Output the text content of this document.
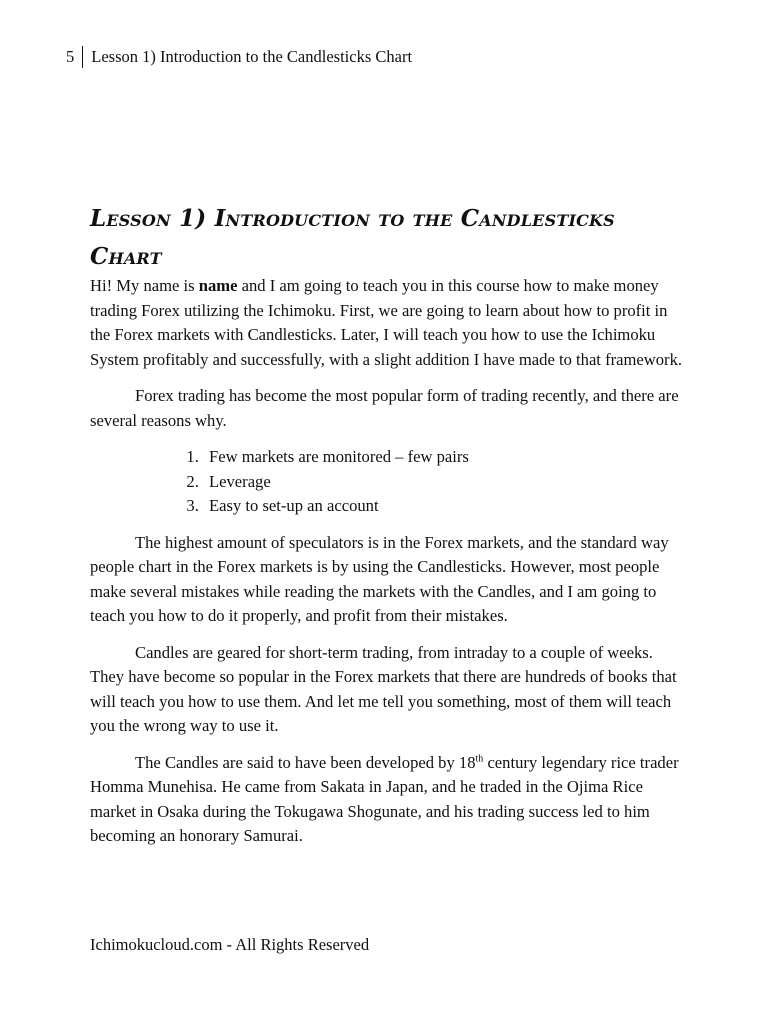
5 Lesson 1) Introduction to the Candlesticks Chart
Lesson 1) Introduction to the Candlesticks Chart

Hi! My name is name and I am going to teach you in this course how to make money trading Forex utilizing the Ichimoku. First, we are going to learn about how to profit in the Forex markets with Candlesticks. Later, I will teach you how to use the Ichimoku System profitably and successfully, with a slight addition I have made to that framework.

Forex trading has become the most popular form of trading recently, and there are several reasons why.

1. Few markets are monitored – few pairs
2. Leverage
3. Easy to set-up an account

The highest amount of speculators is in the Forex markets, and the standard way people chart in the Forex markets is by using the Candlesticks. However, most people make several mistakes while reading the markets with the Candles, and I am going to teach you how to do it properly, and profit from their mistakes.

Candles are geared for short-term trading, from intraday to a couple of weeks. They have become so popular in the Forex markets that there are hundreds of books that will teach you how to use them. And let me tell you something, most of them will teach you the wrong way to use it.

The Candles are said to have been developed by 18th century legendary rice trader Homma Munehisa. He came from Sakata in Japan, and he traded in the Ojima Rice market in Osaka during the Tokugawa Shogunate, and his trading success led to him becoming an honorary Samurai.

Ichimokucloud.com - All Rights Reserved
